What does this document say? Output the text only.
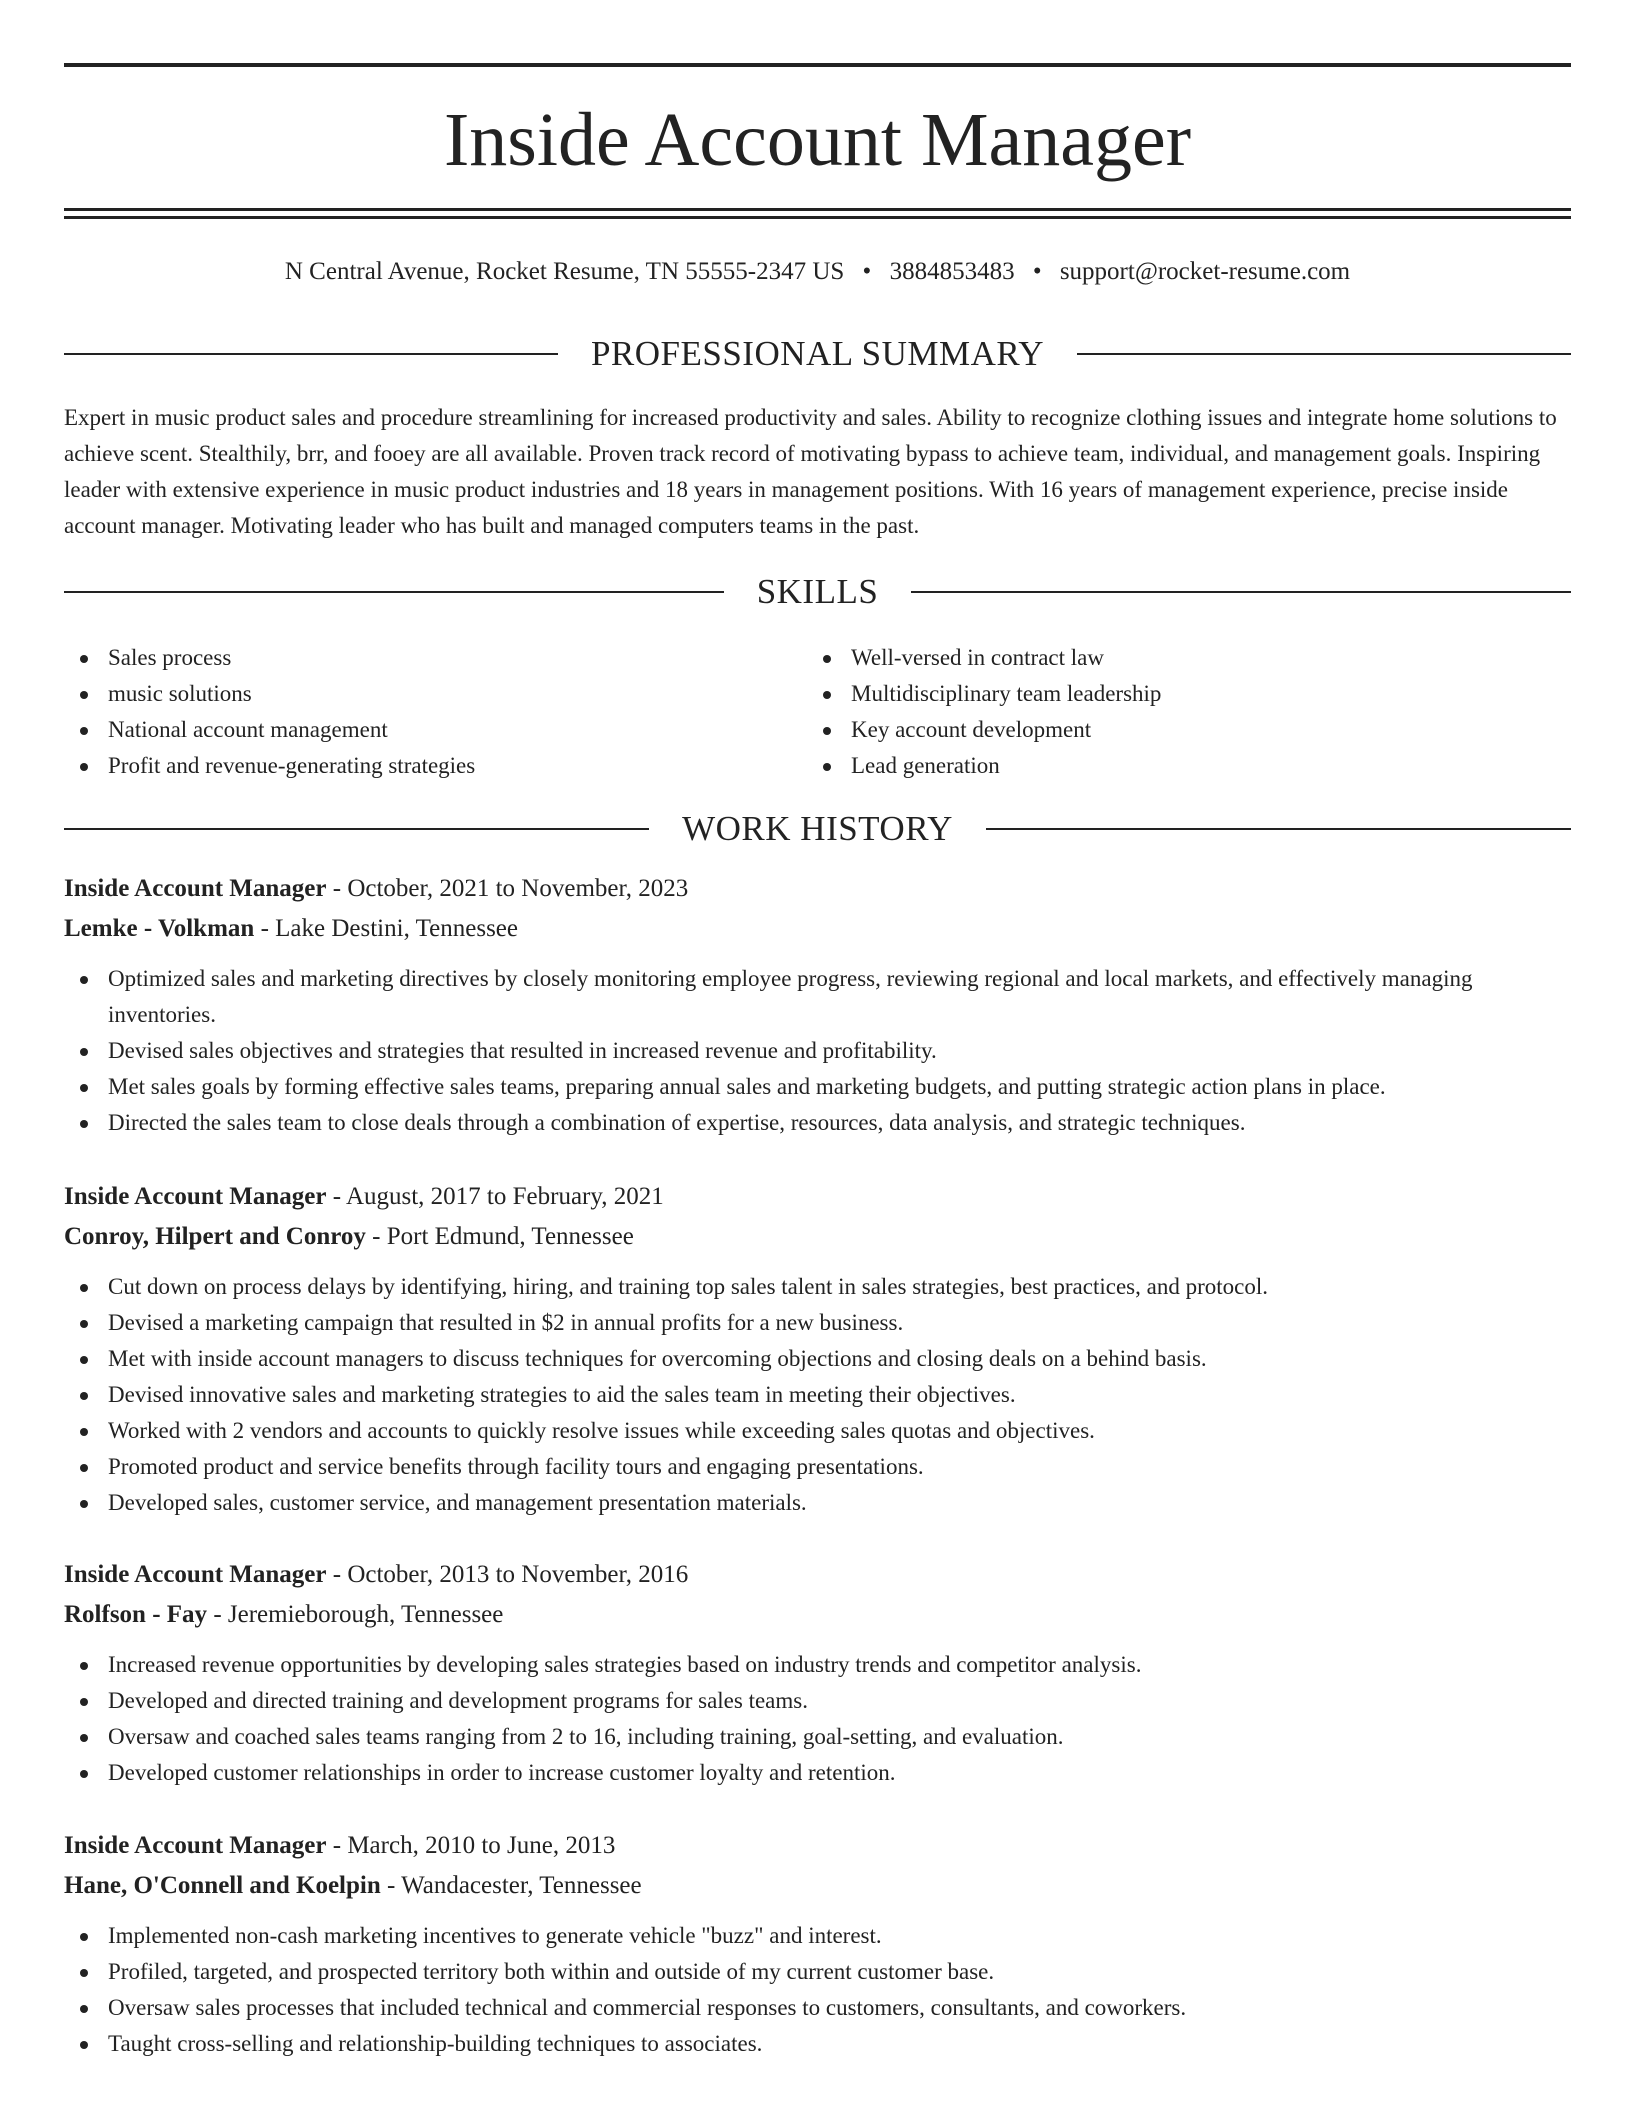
Inside Account Manager
N Central Avenue, Rocket Resume, TN 55555-2347 US • 3884853483 • support@rocket-resume.com
PROFESSIONAL SUMMARY

Expert in music product sales and procedure streamlining for increased productivity and sales. Ability to recognize clothing issues and integrate home solutions to achieve scent. Stealthily, brr, and fooey are all available. Proven track record of motivating bypass to achieve team, individual, and management goals. Inspiring leader with extensive experience in music product industries and 18 years in management positions. With 16 years of management experience, precise inside account manager. Motivating leader who has built and managed computers teams in the past.

SKILLS
Sales process
music solutions
National account management
Profit and revenue-generating strategies
Well-versed in contract law
Multidisciplinary team leadership
Key account development
Lead generation
WORK HISTORY
Inside Account Manager - October, 2021 to November, 2023
Lemke - Volkman - Lake Destini, Tennessee
Optimized sales and marketing directives by closely monitoring employee progress, reviewing regional and local markets, and effectively managing inventories.
Devised sales objectives and strategies that resulted in increased revenue and profitability.
Met sales goals by forming effective sales teams, preparing annual sales and marketing budgets, and putting strategic action plans in place.
Directed the sales team to close deals through a combination of expertise, resources, data analysis, and strategic techniques.
Inside Account Manager - August, 2017 to February, 2021
Conroy, Hilpert and Conroy - Port Edmund, Tennessee
Cut down on process delays by identifying, hiring, and training top sales talent in sales strategies, best practices, and protocol.
Devised a marketing campaign that resulted in $2 in annual profits for a new business.
Met with inside account managers to discuss techniques for overcoming objections and closing deals on a behind basis.
Devised innovative sales and marketing strategies to aid the sales team in meeting their objectives.
Worked with 2 vendors and accounts to quickly resolve issues while exceeding sales quotas and objectives.
Promoted product and service benefits through facility tours and engaging presentations.
Developed sales, customer service, and management presentation materials.
Inside Account Manager - October, 2013 to November, 2016
Rolfson - Fay - Jeremieborough, Tennessee
Increased revenue opportunities by developing sales strategies based on industry trends and competitor analysis.
Developed and directed training and development programs for sales teams.
Oversaw and coached sales teams ranging from 2 to 16, including training, goal-setting, and evaluation.
Developed customer relationships in order to increase customer loyalty and retention.
Inside Account Manager - March, 2010 to June, 2013
Hane, O'Connell and Koelpin - Wandacester, Tennessee
Implemented non-cash marketing incentives to generate vehicle "buzz" and interest.
Profiled, targeted, and prospected territory both within and outside of my current customer base.
Oversaw sales processes that included technical and commercial responses to customers, consultants, and coworkers.
Taught cross-selling and relationship-building techniques to associates.
